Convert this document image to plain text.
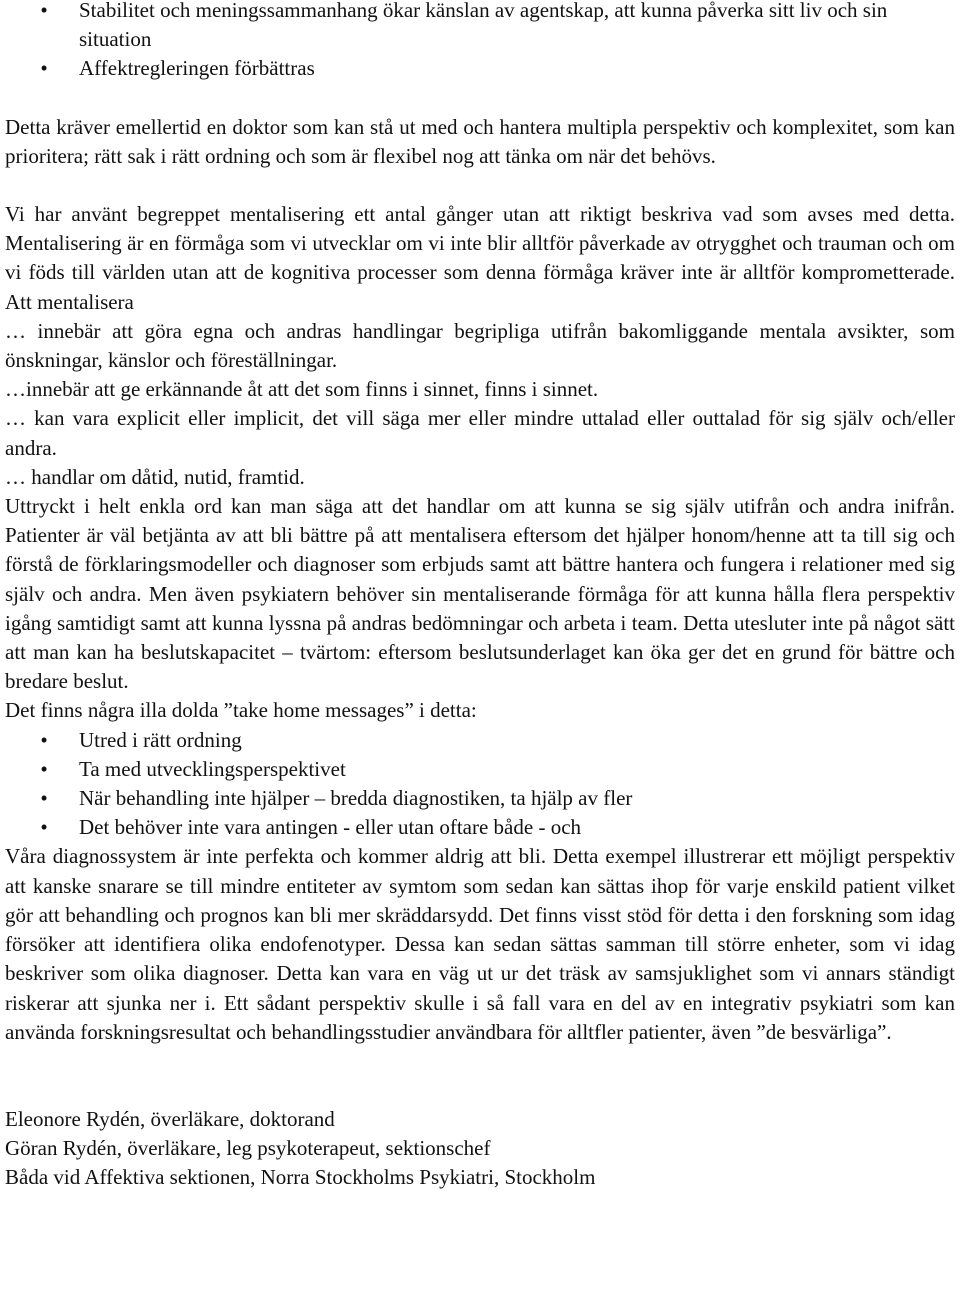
• Stabilitet och meningssammanhang ökar känslan av agentskap, att kunna påverka sitt liv och sin situation
• Affektregleringen förbättras

Detta kräver emellertid en doktor som kan stå ut med och hantera multipla perspektiv och komplexitet, som kan prioritera; rätt sak i rätt ordning och som är flexibel nog att tänka om när det behövs.

Vi har använt begreppet mentalisering ett antal gånger utan att riktigt beskriva vad som avses med detta. Mentalisering är en förmåga som vi utvecklar om vi inte blir alltför påverkade av otrygghet och trauman och om vi föds till världen utan att de kognitiva processer som denna förmåga kräver inte är alltför komprometterade. Att mentalisera

… innebär att göra egna och andras handlingar begripliga utifrån bakomliggande mentala avsikter, som önskningar, känslor och föreställningar.

…innebär att ge erkännande åt att det som finns i sinnet, finns i sinnet.

… kan vara explicit eller implicit, det vill säga mer eller mindre uttalad eller outtalad för sig själv och/eller andra.

… handlar om dåtid, nutid, framtid.

Uttryckt i helt enkla ord kan man säga att det handlar om att kunna se sig själv utifrån och andra inifrån. Patienter är väl betjänta av att bli bättre på att mentalisera eftersom det hjälper honom/henne att ta till sig och förstå de förklaringsmodeller och diagnoser som erbjuds samt att bättre hantera och fungera i relationer med sig själv och andra. Men även psykiatern behöver sin mentaliserande förmåga för att kunna hålla flera perspektiv igång samtidigt samt att kunna lyssna på andras bedömningar och arbeta i team. Detta utesluter inte på något sätt att man kan ha beslutskapacitet – tvärtom: eftersom beslutsunderlaget kan öka ger det en grund för bättre och bredare beslut.

Det finns några illa dolda ”take home messages” i detta:

• Utred i rätt ordning
• Ta med utvecklingsperspektivet
• När behandling inte hjälper – bredda diagnostiken, ta hjälp av fler
• Det behöver inte vara antingen - eller utan oftare både - och

Våra diagnossystem är inte perfekta och kommer aldrig att bli. Detta exempel illustrerar ett möjligt perspektiv att kanske snarare se till mindre entiteter av symtom som sedan kan sättas ihop för varje enskild patient vilket gör att behandling och prognos kan bli mer skräddarsydd. Det finns visst stöd för detta i den forskning som idag försöker att identifiera olika endofenotyper. Dessa kan sedan sättas samman till större enheter, som vi idag beskriver som olika diagnoser. Detta kan vara en väg ut ur det träsk av samsjuklighet som vi annars ständigt riskerar att sjunka ner i. Ett sådant perspektiv skulle i så fall vara en del av en integrativ psykiatri som kan använda forskningsresultat och behandlingsstudier användbara för alltfler patienter, även ”de besvärliga”.

Eleonore Rydén, överläkare, doktorand

Göran Rydén, överläkare, leg psykoterapeut, sektionschef

Båda vid Affektiva sektionen, Norra Stockholms Psykiatri, Stockholm
